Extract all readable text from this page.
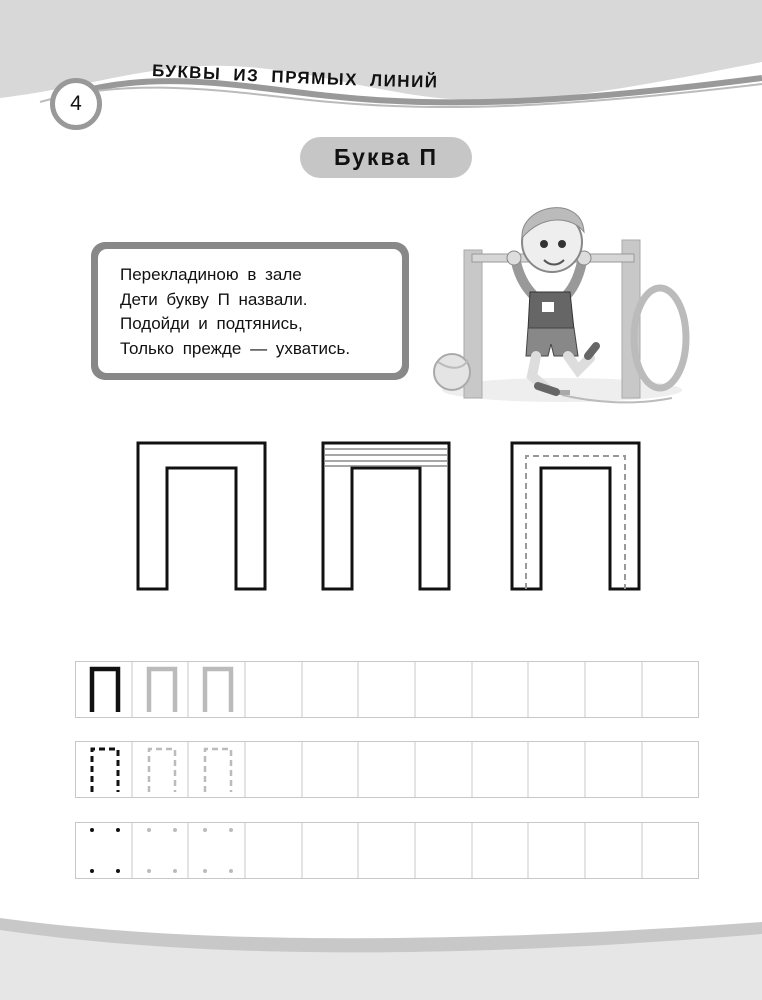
4
БУКВЫ ИЗ ПРЯМЫХ ЛИНИЙ
Буква П
Перекладиною в зале
Дети букву П назвали.
Подойди и подтянись,
Только прежде — ухватись.
